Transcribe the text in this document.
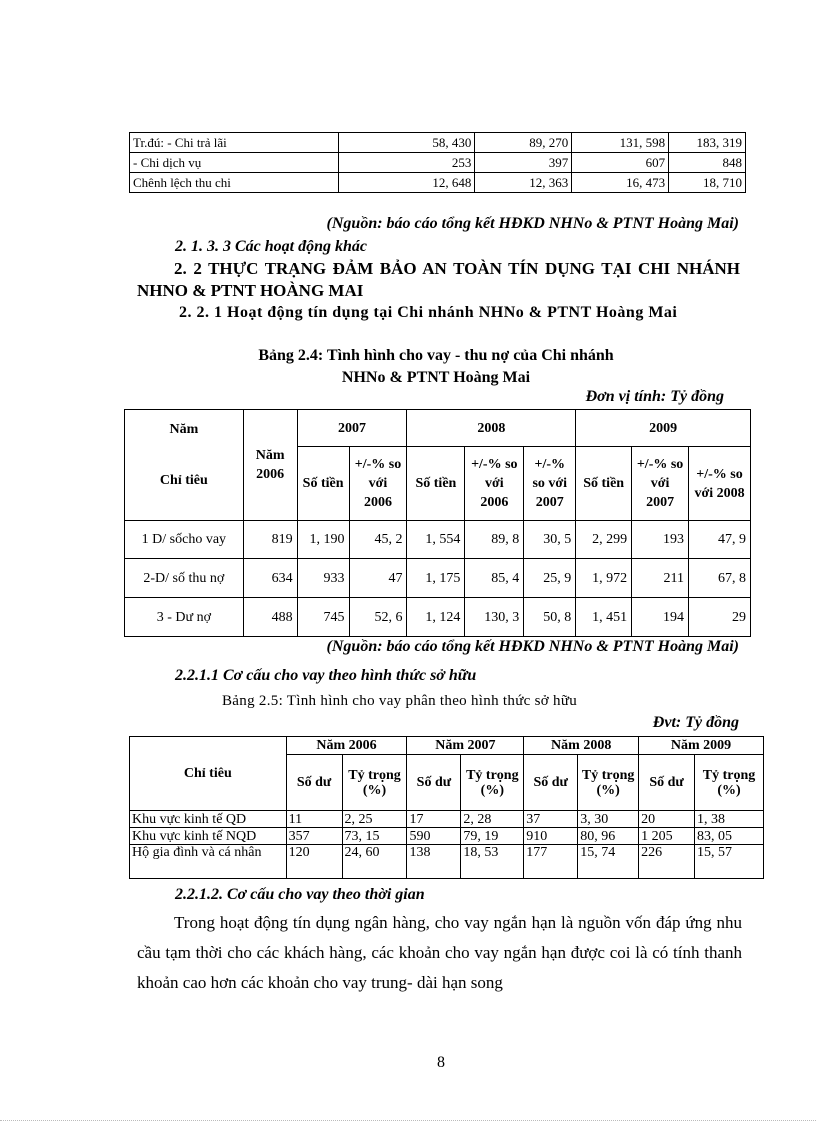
Tr.đú: - Chi trả lãi	58, 430	89, 270	131, 598	183, 319
- Chi dịch vụ	253	397	607	848
Chênh lệch thu chi	12, 648	12, 363	16, 473	18, 710
(Nguồn: báo cáo tổng kết HĐKD NHNo & PTNT Hoàng Mai)
2. 1. 3. 3 Các hoạt động khác
2. 2 THỰC TRẠNG ĐẢM BẢO AN TOÀN TÍN DỤNG TẠI CHI NHÁNH NHNO & PTNT HOÀNG MAI
2. 2. 1 Hoạt động tín dụng tại Chi nhánh NHNo & PTNT Hoàng Mai
Bảng 2.4: Tình hình cho vay - thu nợ của Chi nhánh
NHNo & PTNT Hoàng Mai
Đơn vị tính: Tỷ đồng
Năm
Chỉ tiêu	Năm 2006	2007		2008			2009		
		Số tiền	+/-% so với 2006	Số tiền	+/-% so với 2006	+/-% so với 2007	Số tiền	+/-% so với 2007	+/-% so với 2008
1 D/ sốcho vay	819	1, 190	45, 2	1, 554	89, 8	30, 5	2, 299	193	47, 9
2-D/ số thu nợ	634	933	47	1, 175	85, 4	25, 9	1, 972	211	67, 8
3 - Dư nợ	488	745	52, 6	1, 124	130, 3	50, 8	1, 451	194	29
(Nguồn: báo cáo tổng kết HĐKD NHNo & PTNT Hoàng Mai)
2.2.1.1 Cơ cấu cho vay theo hình thức sở hữu
Bảng 2.5: Tình hình cho vay phân theo hình thức sở hữu
Đvt: Tỷ đồng
Chỉ tiêu	Năm 2006		Năm 2007		Năm 2008		Năm 2009	
	Số dư	Tỷ trọng (%)	Số dư	Tỷ trọng (%)	Số dư	Tỷ trọng (%)	Số dư	Tỷ trọng (%)
Khu vực kinh tế QD	11	2, 25	17	2, 28	37	3, 30	20	1, 38
Khu vực kinh tế NQD	357	73, 15	590	79, 19	910	80, 96	1 205	83, 05
Hộ gia đình và cá nhân	120	24, 60	138	18, 53	177	15, 74	226	15, 57
2.2.1.2. Cơ cấu cho vay theo thời gian
Trong hoạt động tín dụng ngân hàng, cho vay ngắn hạn là nguồn vốn đáp ứng nhu cầu tạm thời cho các khách hàng, các khoản cho vay ngắn hạn được coi là có tính thanh khoản cao hơn các khoản cho vay trung- dài hạn song
8
